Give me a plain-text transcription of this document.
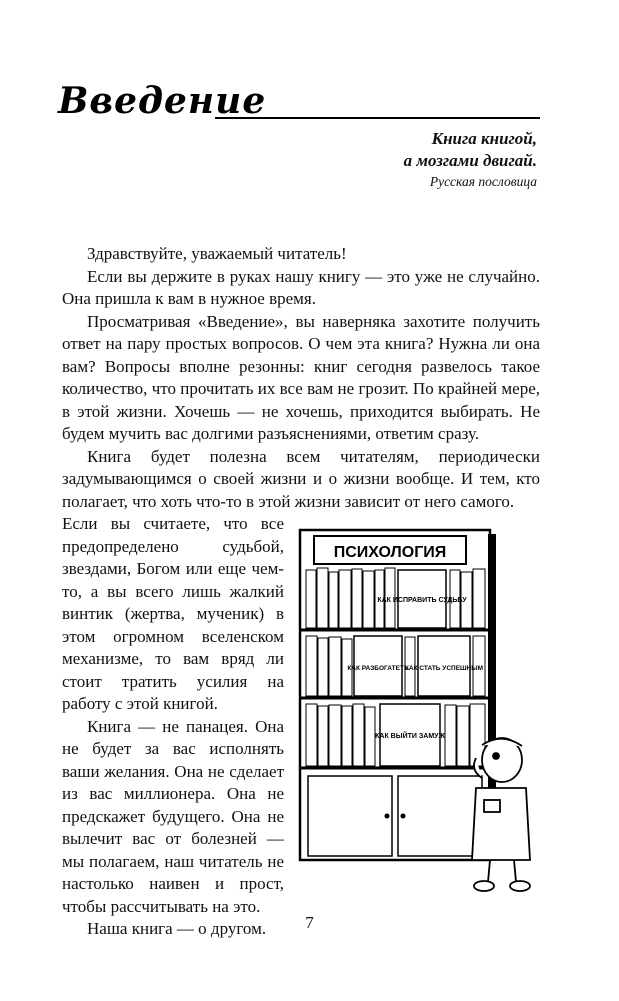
Введение
Книга книгой,
а мозгами двигай.
Русская пословица

Здравствуйте, уважаемый читатель!

Если вы держите в руках нашу книгу — это уже не случайно. Она пришла к вам в нужное время.

Просматривая «Введение», вы наверняка захотите получить ответ на пару простых вопросов. О чем эта книга? Нужна ли она вам? Вопросы вполне резонны: книг сегодня развелось такое количество, что прочитать их все вам не грозит. По крайней мере, в этой жизни. Хочешь — не хочешь, приходится выбирать. Не будем мучить вас долгими разъяснениями, ответим сразу.

Книга будет полезна всем читателям, периодически задумывающимся о своей жизни и о жизни вообще. И тем, кто полагает, что хоть что-то в этой жизни зависит от него самого.

Если вы считаете, что все предопределено судьбой, звездами, Богом или еще чем-то, а вы всего лишь жалкий винтик (жертва, мученик) в этом огромном вселенском механизме, то вам вряд ли стоит тратить усилия на работу с этой книгой.

Книга — не панацея. Она не будет за вас исполнять ваши желания. Она не сделает из вас миллионера. Она не предскажет будущего. Она не вылечит вас от болезней — мы полагаем, наш читатель не настолько наивен и прост, чтобы рассчитывать на это.

Наша книга — о другом.

ПСИХОЛОГИЯ
КАК ИСПРАВИТЬ СУДЬБУ
КАК РАЗБОГАТЕТЬ
КАК СТАТЬ УСПЕШНЫМ
КАК ВЫЙТИ ЗАМУЖ
7
